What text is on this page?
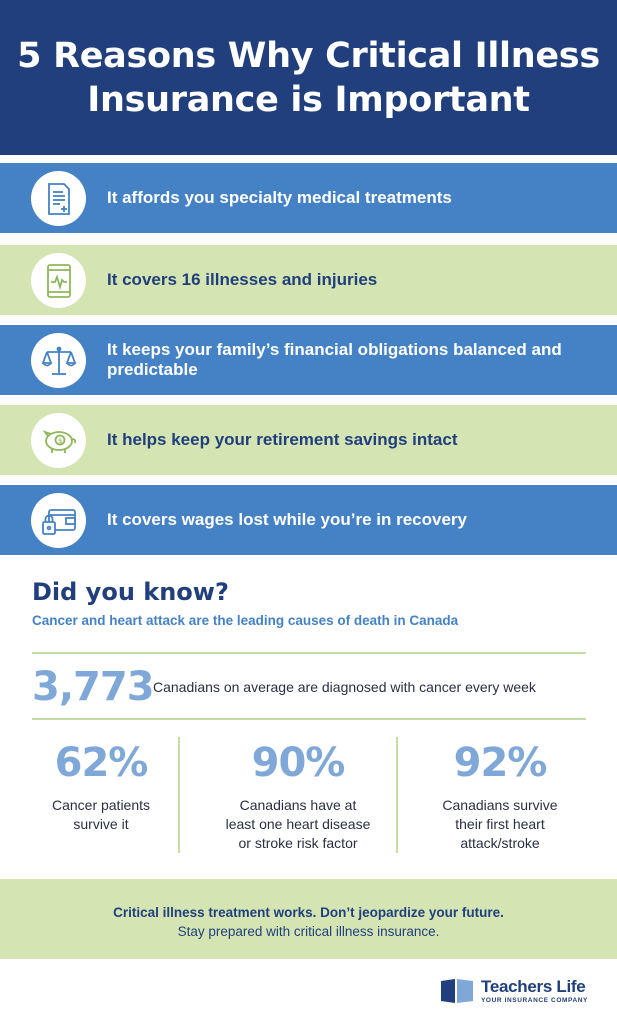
5 Reasons Why Critical Illness
Insurance is Important
It affords you specialty medical treatments
It covers 16 illnesses and injuries
It keeps your family’s financial obligations balanced and predictable
$	It helps keep your retirement savings intact
It covers wages lost while you’re in recovery
Did you know?
Cancer and heart attack are the leading causes of death in Canada
3,773 Canadians on average are diagnosed with cancer every week
62%
Cancer patients
survive it
90%
Canadians have at
least one heart disease
or stroke risk factor
92%
Canadians survive
their first heart
attack/stroke
Critical illness treatment works. Don’t jeopardize your future.
Stay prepared with critical illness insurance.
Teachers Life
YOUR INSURANCE COMPANY
